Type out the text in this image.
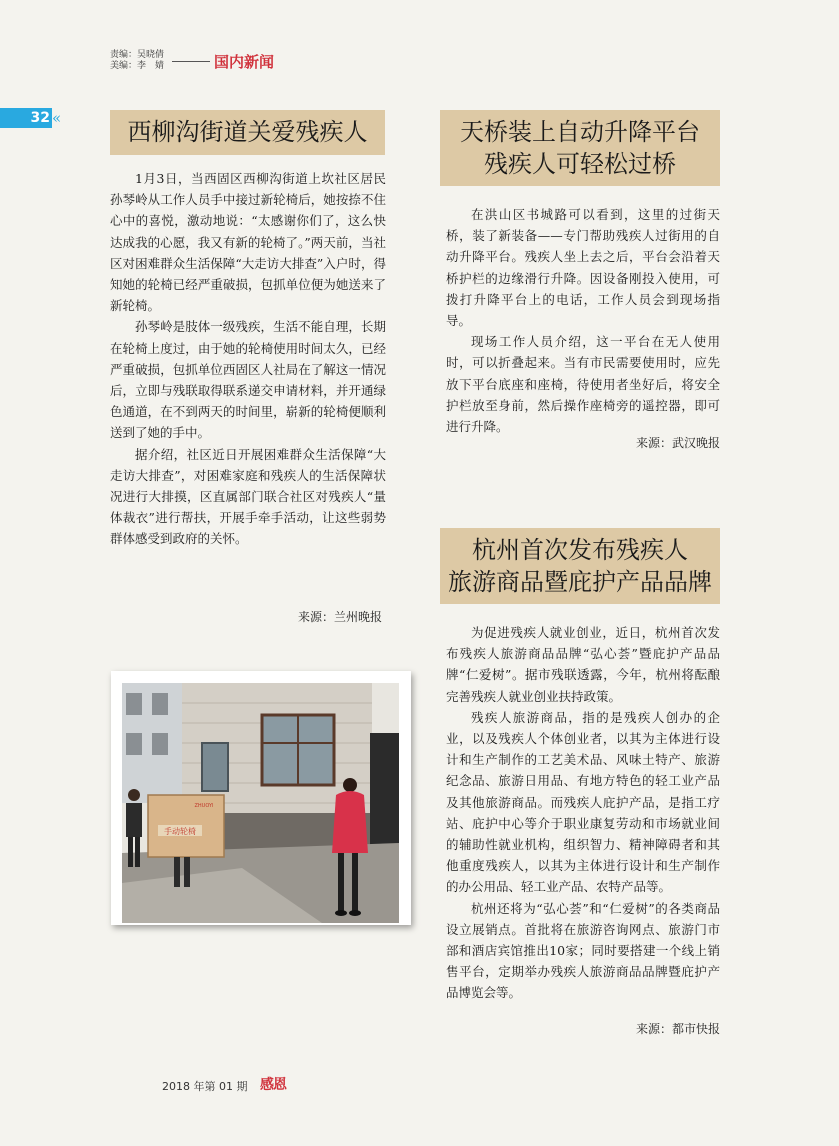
责编：吴晓倩
美编：李　婧	国内新闻
32 «	西柳沟街道关爱残疾人

1月3日，当西固区西柳沟街道上坎社区居民孙琴岭从工作人员手中接过新轮椅后，她按捺不住心中的喜悦，激动地说：“太感谢你们了，这么快达成我的心愿，我又有新的轮椅了。”两天前，当社区对困难群众生活保障“大走访大排查”入户时，得知她的轮椅已经严重破损，包抓单位便为她送来了新轮椅。

孙琴岭是肢体一级残疾，生活不能自理，长期在轮椅上度过，由于她的轮椅使用时间太久，已经严重破损，包抓单位西固区人社局在了解这一情况后，立即与残联取得联系递交申请材料，并开通绿色通道，在不到两天的时间里，崭新的轮椅便顺利送到了她的手中。

据介绍，社区近日开展困难群众生活保障“大走访大排查”，对困难家庭和残疾人的生活保障状况进行大排摸，区直属部门联合社区对残疾人“量体裁衣”进行帮扶，开展手牵手活动，让这些弱势群体感受到政府的关怀。

来源：兰州晚报
天桥装上自动升降平台
残疾人可轻松过桥

在洪山区书城路可以看到，这里的过街天桥，装了新装备——专门帮助残疾人过街用的自动升降平台。残疾人坐上去之后，平台会沿着天桥护栏的边缘滑行升降。因设备刚投入使用，可拨打升降平台上的电话，工作人员会到现场指导。

现场工作人员介绍，这一平台在无人使用时，可以折叠起来。当有市民需要使用时，应先放下平台底座和座椅，待使用者坐好后，将安全护栏放至身前，然后操作座椅旁的遥控器，即可进行升降。

来源：武汉晚报
杭州首次发布残疾人
旅游商品暨庇护产品品牌

为促进残疾人就业创业，近日，杭州首次发布残疾人旅游商品品牌“弘心荟”暨庇护产品品牌“仁爱树”。据市残联透露，今年，杭州将酝酿完善残疾人就业创业扶持政策。

残疾人旅游商品，指的是残疾人创办的企业，以及残疾人个体创业者，以其为主体进行设计和生产制作的工艺美术品、风味土特产、旅游纪念品、旅游日用品、有地方特色的轻工业产品及其他旅游商品。而残疾人庇护产品，是指工疗站、庇护中心等介于职业康复劳动和市场就业间的辅助性就业机构，组织智力、精神障碍者和其他重度残疾人，以其为主体进行设计和生产制作的办公用品、轻工业产品、农特产品等。

杭州还将为“弘心荟”和“仁爱树”的各类商品设立展销点。首批将在旅游咨询网点、旅游门市部和酒店宾馆推出10家；同时要搭建一个线上销售平台，定期举办残疾人旅游商品品牌暨庇护产品博览会等。

来源：都市快报
手动轮椅
ZHUOYI
2018 年第 01 期 感恩
